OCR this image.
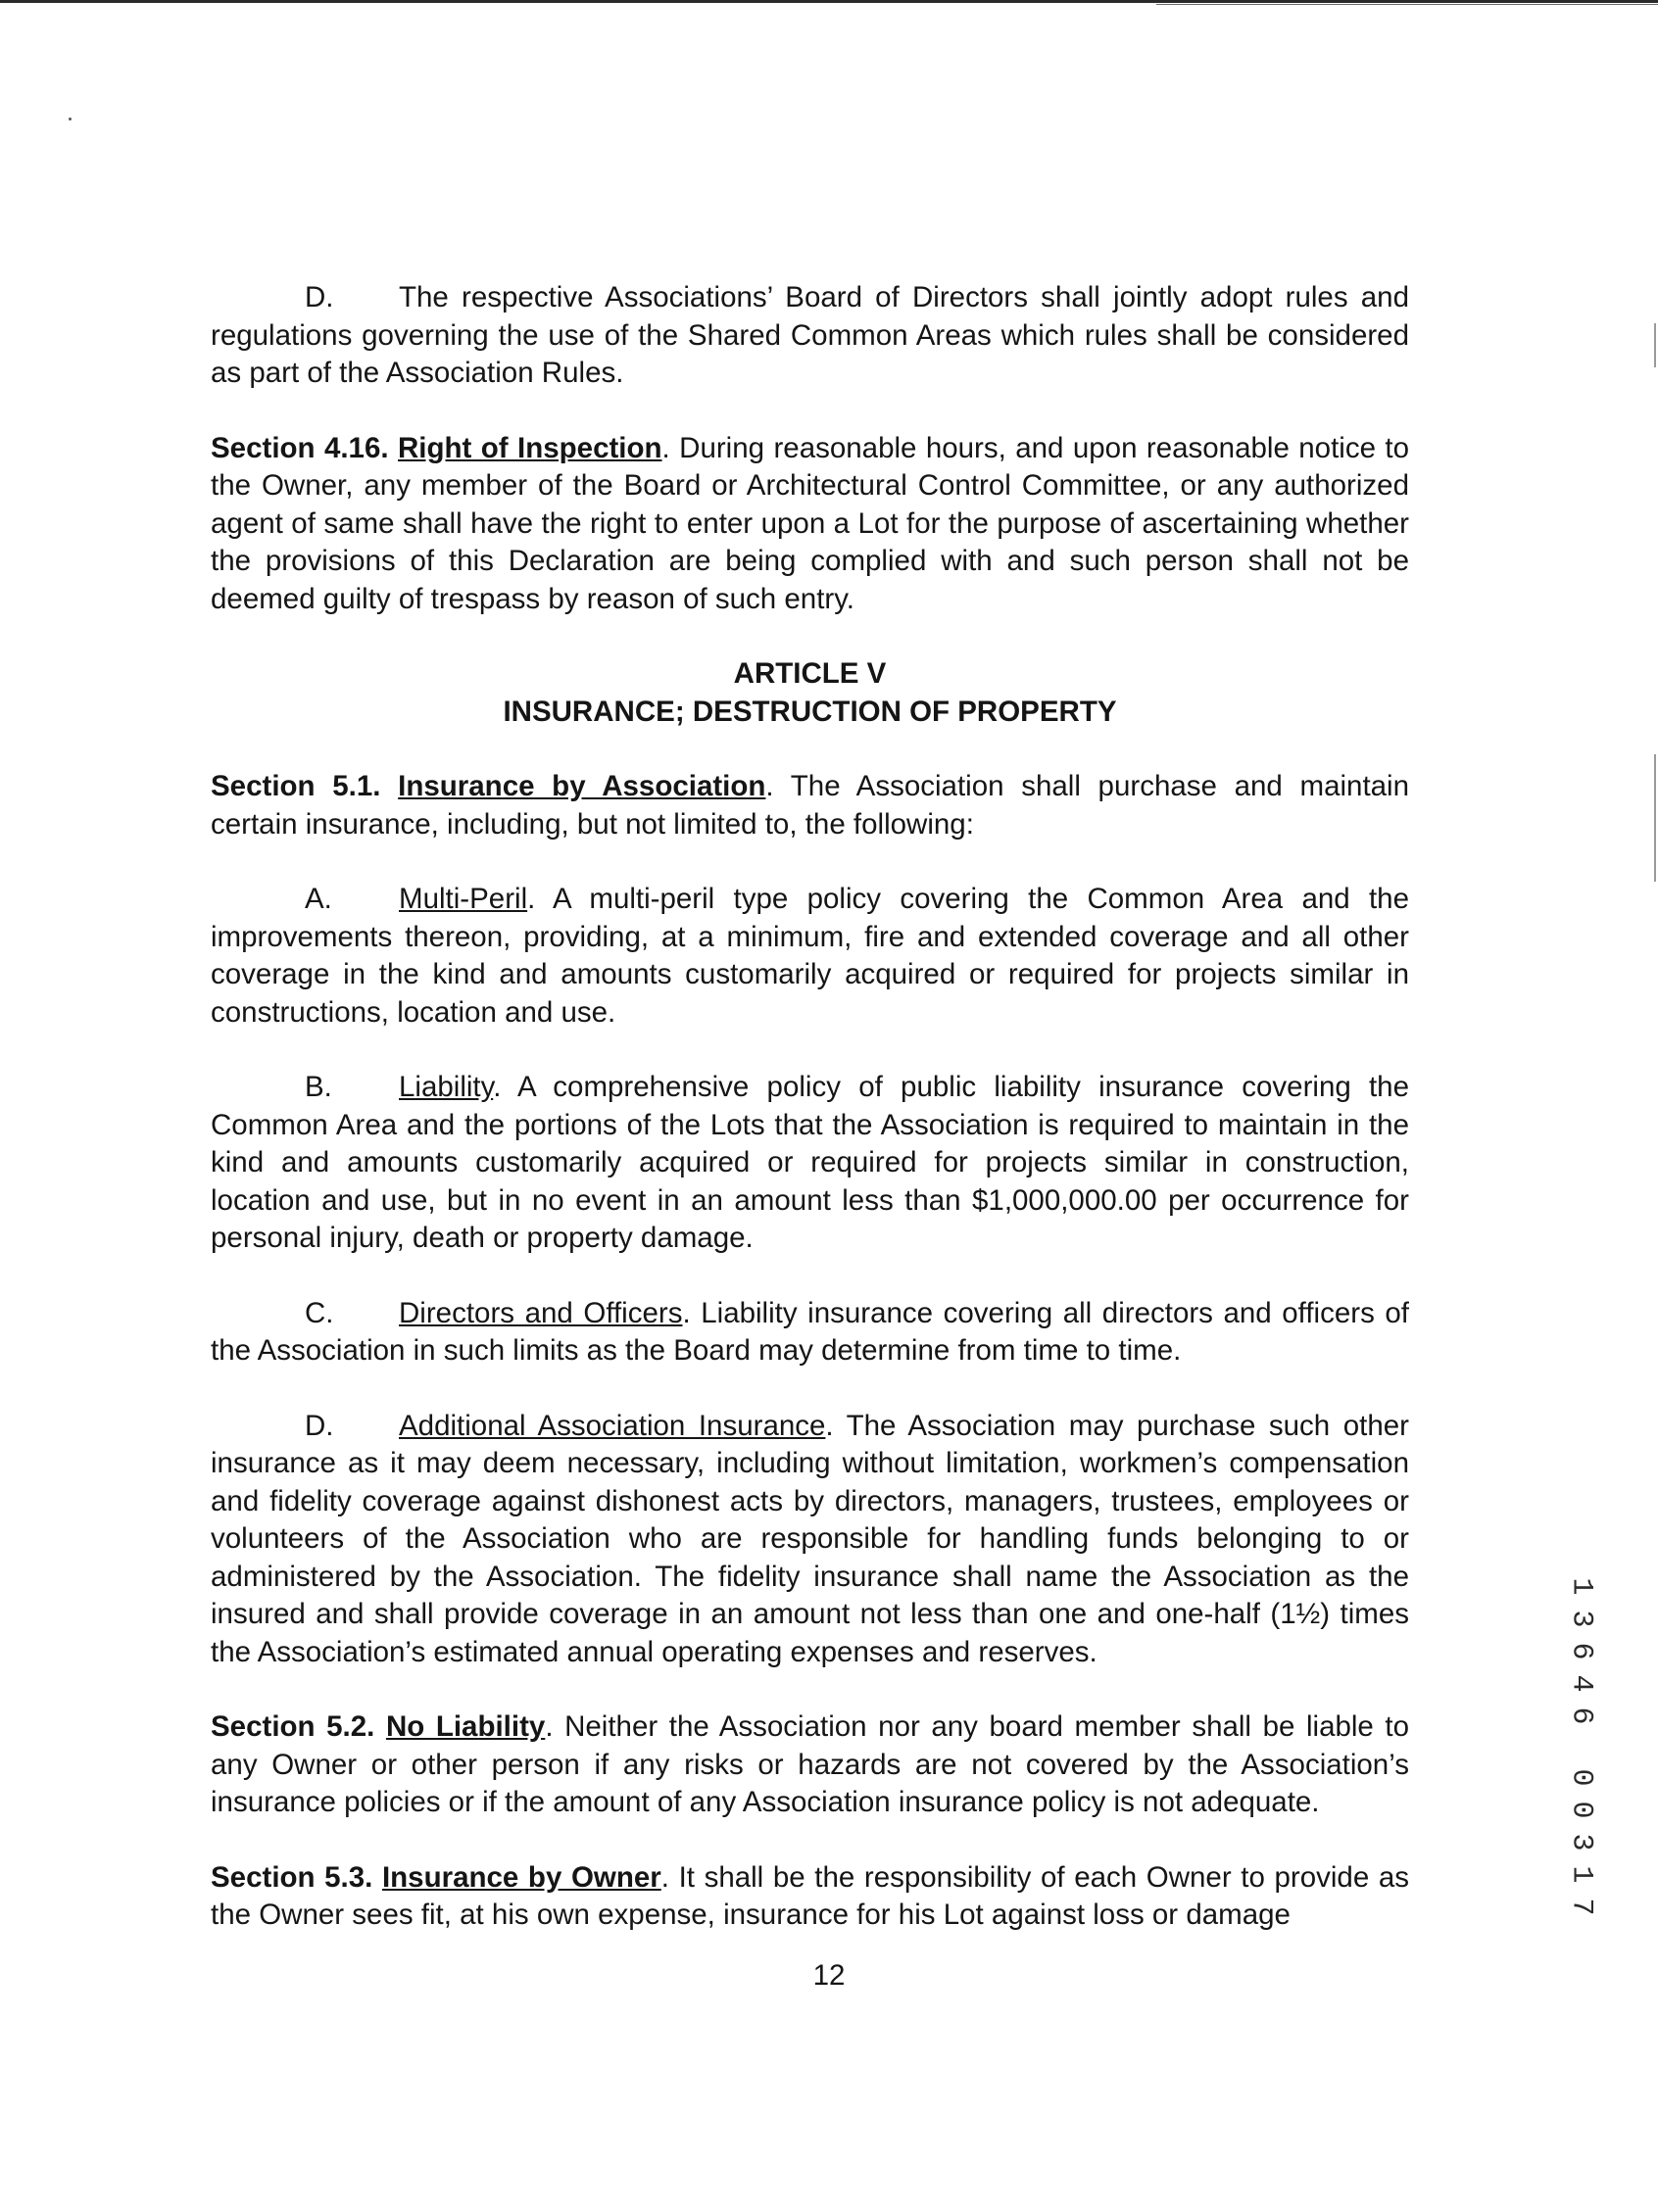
D. The respective Associations’ Board of Directors shall jointly adopt rules and regulations governing the use of the Shared Common Areas which rules shall be considered as part of the Association Rules.

Section 4.16. Right of Inspection. During reasonable hours, and upon reasonable notice to the Owner, any member of the Board or Architectural Control Committee, or any authorized agent of same shall have the right to enter upon a Lot for the purpose of ascertaining whether the provisions of this Declaration are being complied with and such person shall not be deemed guilty of trespass by reason of such entry.

ARTICLE V

INSURANCE; DESTRUCTION OF PROPERTY

Section 5.1. Insurance by Association. The Association shall purchase and maintain certain insurance, including, but not limited to, the following:

A. Multi-Peril. A multi-peril type policy covering the Common Area and the improvements thereon, providing, at a minimum, fire and extended coverage and all other coverage in the kind and amounts customarily acquired or required for projects similar in constructions, location and use.

B. Liability. A comprehensive policy of public liability insurance covering the Common Area and the portions of the Lots that the Association is required to maintain in the kind and amounts customarily acquired or required for projects similar in construction, location and use, but in no event in an amount less than $1,000,000.00 per occurrence for personal injury, death or property damage.

C. Directors and Officers. Liability insurance covering all directors and officers of the Association in such limits as the Board may determine from time to time.

D. Additional Association Insurance. The Association may purchase such other insurance as it may deem necessary, including without limitation, workmen’s compensation and fidelity coverage against dishonest acts by directors, managers, trustees, employees or volunteers of the Association who are responsible for handling funds belonging to or administered by the Association. The fidelity insurance shall name the Association as the insured and shall provide coverage in an amount not less than one and one-half (1½) times the Association’s estimated annual operating expenses and reserves.

Section 5.2. No Liability. Neither the Association nor any board member shall be liable to any Owner or other person if any risks or hazards are not covered by the Association’s insurance policies or if the amount of any Association insurance policy is not adequate.

Section 5.3. Insurance by Owner. It shall be the responsibility of each Owner to provide as the Owner sees fit, at his own expense, insurance for his Lot against loss or damage

12
1
3
6
4
6
0
0
3
1
7
